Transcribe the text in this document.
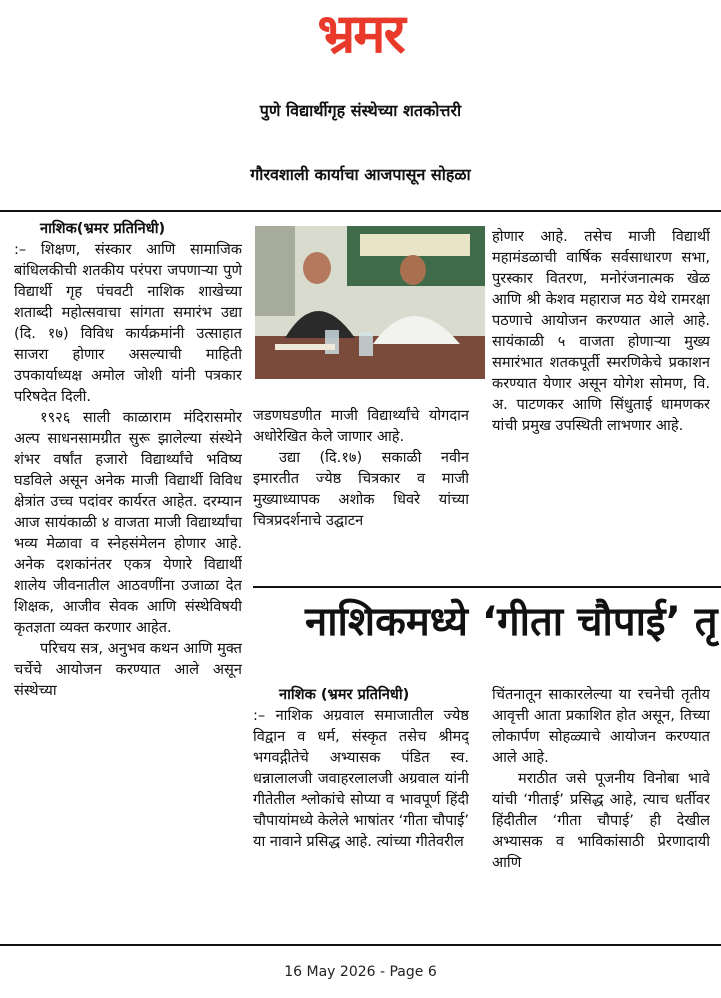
भ्रमर
पुणे विद्यार्थीगृह संस्थेच्या शतकोत्तरी
गौरवशाली कार्याचा आजपासून सोहळा

नाशिक(भ्रमर प्रतिनिधी)

:– शिक्षण, संस्कार आणि सामाजिक बांधिलकीची शतकीय परंपरा जपणाऱ्या पुणे विद्यार्थी गृह पंचवटी नाशिक शाखेच्या शताब्दी महोत्सवाचा सांगता समारंभ उद्या (दि. १७) विविध कार्यक्रमांनी उत्साहात साजरा होणार असल्याची माहिती उपकार्याध्यक्ष अमोल जोशी यांनी पत्रकार परिषदेत दिली.

१९२६ साली काळाराम मंदिरासमोर अल्प साधनसामग्रीत सुरू झालेल्या संस्थेने शंभर वर्षांत हजारो विद्यार्थ्यांचे भविष्य घडविले असून अनेक माजी विद्यार्थी विविध क्षेत्रांत उच्च पदांवर कार्यरत आहेत. दरम्यान आज सायंकाळी ४ वाजता माजी विद्यार्थ्यांचा भव्य मेळावा व स्नेहसंमेलन होणार आहे. अनेक दशकांनंतर एकत्र येणारे विद्यार्थी शालेय जीवनातील आठवणींना उजाळा देत शिक्षक, आजीव सेवक आणि संस्थेविषयी कृतज्ञता व्यक्त करणार आहेत.

परिचय सत्र, अनुभव कथन आणि मुक्त चर्चेचे आयोजन करण्यात आले असून संस्थेच्या

जडणघडणीत माजी विद्यार्थ्यांचे योगदान अधोरेखित केले जाणार आहे.

उद्या (दि.१७) सकाळी नवीन इमारतीत ज्येष्ठ चित्रकार व माजी मुख्याध्यापक अशोक धिवरे यांच्या चित्रप्रदर्शनाचे उद्घाटन

होणार आहे. तसेच माजी विद्यार्थी महामंडळाची वार्षिक सर्वसाधारण सभा, पुरस्कार वितरण, मनोरंजनात्मक खेळ आणि श्री केशव महाराज मठ येथे रामरक्षा पठणाचे आयोजन करण्यात आले आहे. सायंकाळी ५ वाजता होणाऱ्या मुख्य समारंभात शतकपूर्ती स्मरणिकेचे प्रकाशन करण्यात येणार असून योगेश सोमण, वि. अ. पाटणकर आणि सिंधुताई धामणकर यांची प्रमुख उपस्थिती लाभणार आहे.

नाशिकमध्ये ‘गीता चौपाई’ तृ

नाशिक (भ्रमर प्रतिनिधी)

:– नाशिक अग्रवाल समाजातील ज्येष्ठ विद्वान व धर्म, संस्कृत तसेच श्रीमद् भगवद्गीतेचे अभ्यासक पंडित स्व. धन्नालालजी जवाहरलालजी अग्रवाल यांनी गीतेतील श्लोकांचे सोप्या व भावपूर्ण हिंदी चौपायांमध्ये केलेले भाषांतर ‘गीता चौपाई’ या नावाने प्रसिद्ध आहे. त्यांच्या गीतेवरील

चिंतनातून साकारलेल्या या रचनेची तृतीय आवृत्ती आता प्रकाशित होत असून, तिच्या लोकार्पण सोहळ्याचे आयोजन करण्यात आले आहे.

मराठीत जसे पूजनीय विनोबा भावे यांची ‘गीताई’ प्रसिद्ध आहे, त्याच धर्तीवर हिंदीतील ‘गीता चौपाई’ ही देखील अभ्यासक व भाविकांसाठी प्रेरणादायी आणि

16 May 2026 - Page 6
